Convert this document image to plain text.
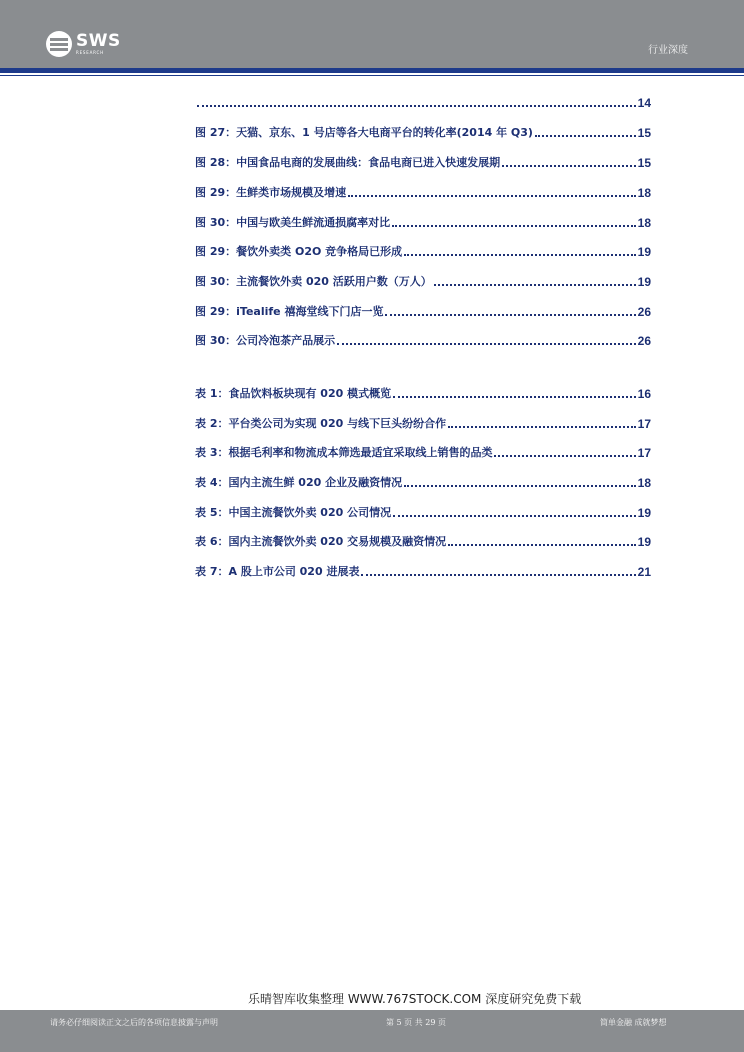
SWS
RESEARCH	行业深度
14
图 27：天猫、京东、1 号店等各大电商平台的转化率(2014 年 Q3)	15
图 28：中国食品电商的发展曲线：食品电商已进入快速发展期	15
图 29：生鲜类市场规模及增速	18
图 30：中国与欧美生鲜流通损腐率对比	18
图 29：餐饮外卖类 O2O 竞争格局已形成	19
图 30：主流餐饮外卖 020 活跃用户数（万人）	19
图 29：iTealife 禧海堂线下门店一览	26
图 30：公司冷泡茶产品展示	26
表 1：食品饮料板块现有 020 模式概览	16
表 2：平台类公司为实现 020 与线下巨头纷纷合作	17
表 3：根据毛利率和物流成本筛选最适宜采取线上销售的品类	17
表 4：国内主流生鲜 020 企业及融资情况	18
表 5：中国主流餐饮外卖 020 公司情况	19
表 6：国内主流餐饮外卖 020 交易规模及融资情况	19
表 7：A 股上市公司 020 进展表	21
乐晴智库收集整理 WWW.767STOCK.COM 深度研究免费下载
请务必仔细阅读正文之后的各项信息披露与声明	第 5 页 共 29 页	简单金融 成就梦想
